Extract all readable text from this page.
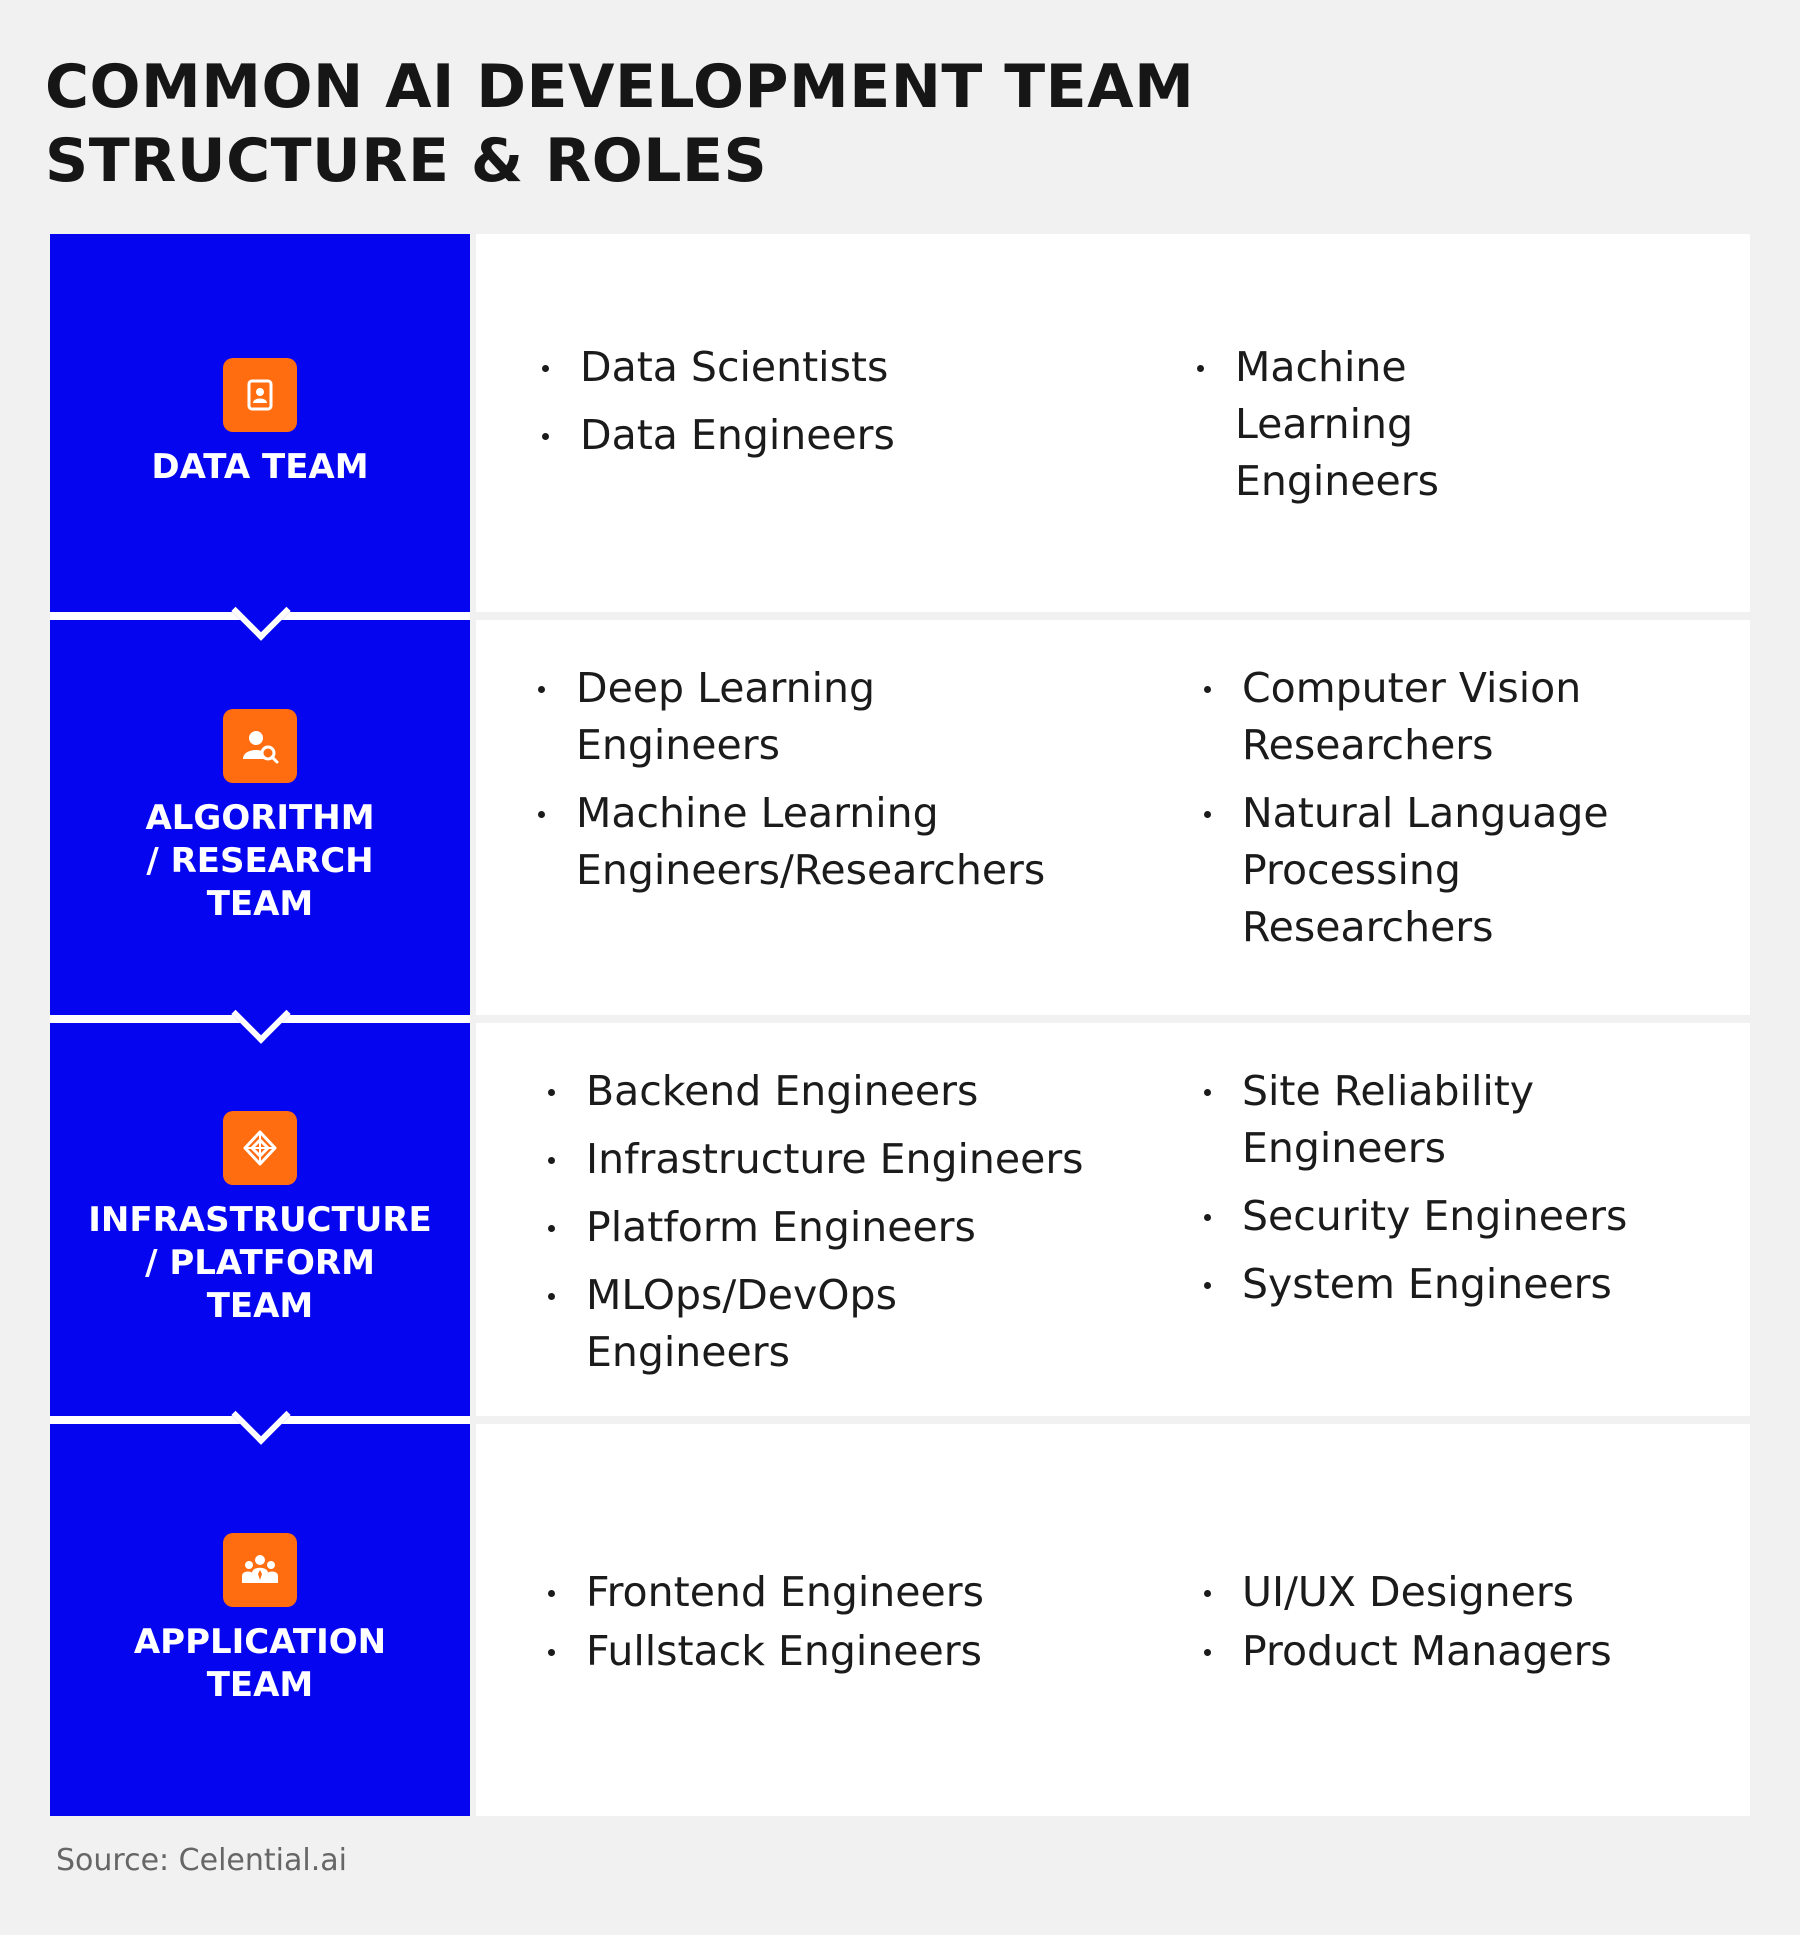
COMMON AI DEVELOPMENT TEAM
STRUCTURE & ROLES
DATA TEAM
Data Scientists
Data Engineers
Machine
Learning
Engineers
ALGORITHM
/ RESEARCH
TEAM
Deep Learning
Engineers
Machine Learning
Engineers/Researchers
Computer Vision
Researchers
Natural Language
Processing
Researchers
INFRASTRUCTURE
/ PLATFORM
TEAM
Backend Engineers
Infrastructure Engineers
Platform Engineers
MLOps/DevOps
Engineers
Site Reliability
Engineers
Security Engineers
System Engineers
APPLICATION
TEAM
Frontend Engineers
Fullstack Engineers
UI/UX Designers
Product Managers
Source: Celential.ai
